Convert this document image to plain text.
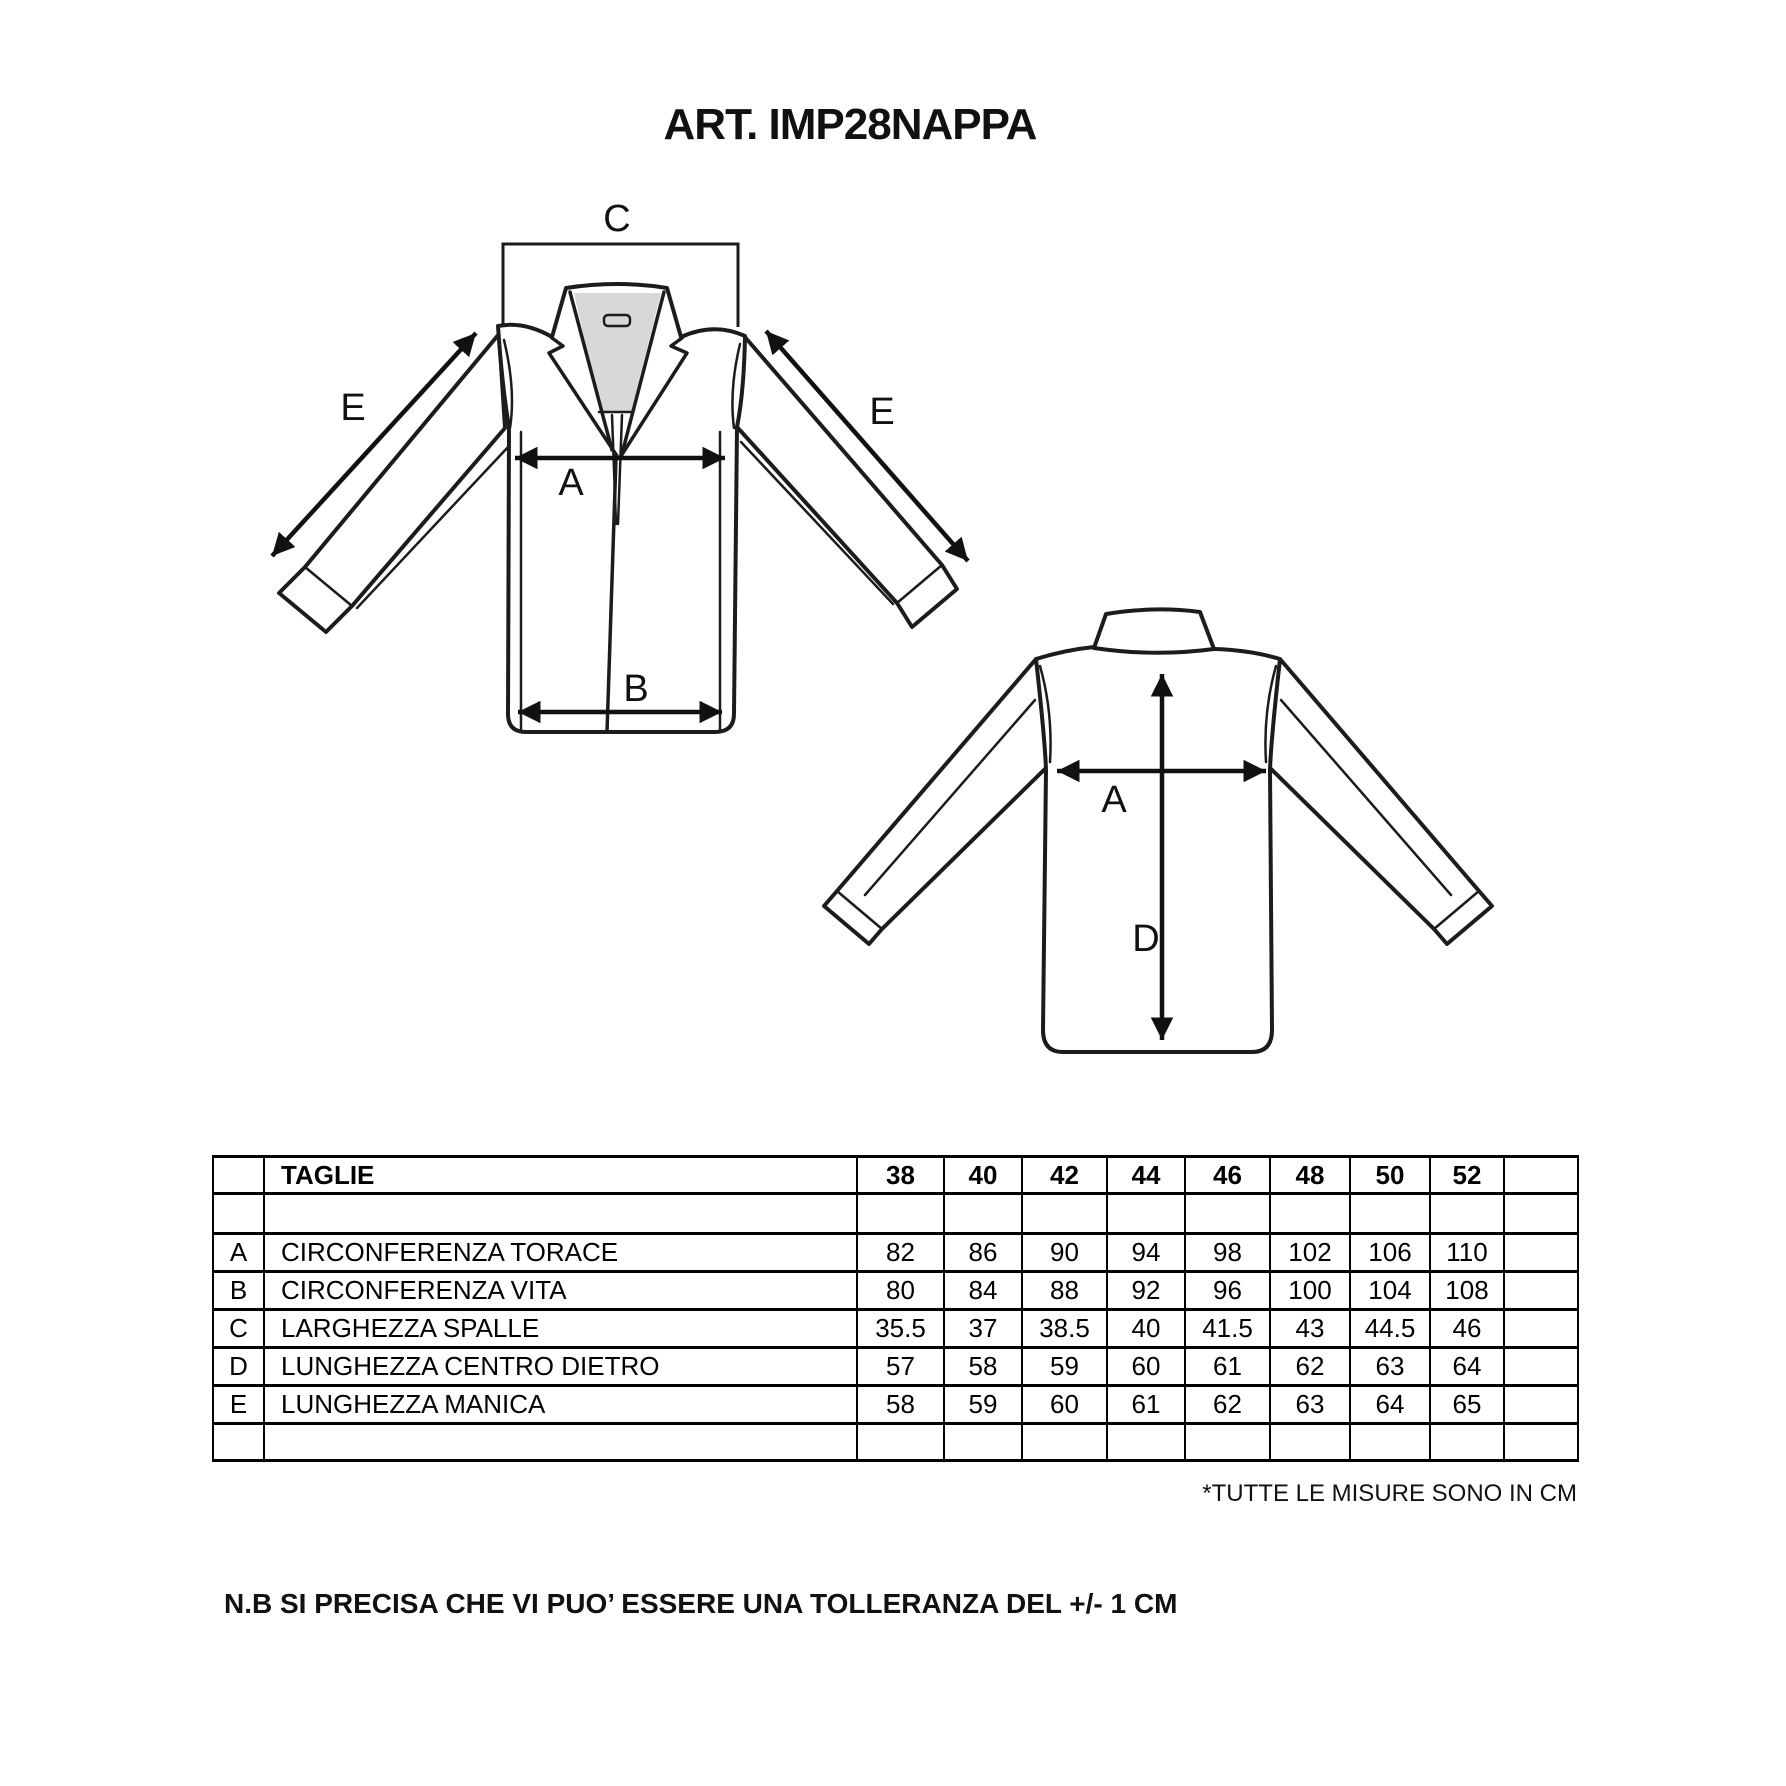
ART. IMP28NAPPA
C
E	E
A
B
A
D
	TAGLIE	38	40	42	44	46	48	50	52	

A	CIRCONFERENZA TORACE	82	86	90	94	98	102	106	110	
B	CIRCONFERENZA VITA	80	84	88	92	96	100	104	108	
C	LARGHEZZA SPALLE	35.5	37	38.5	40	41.5	43	44.5	46	
D	LUNGHEZZA CENTRO DIETRO	57	58	59	60	61	62	63	64	
E	LUNGHEZZA MANICA	58	59	60	61	62	63	64	65	

*TUTTE LE MISURE SONO IN CM
N.B SI PRECISA CHE VI PUO’ ESSERE UNA TOLLERANZA DEL +/- 1 CM
